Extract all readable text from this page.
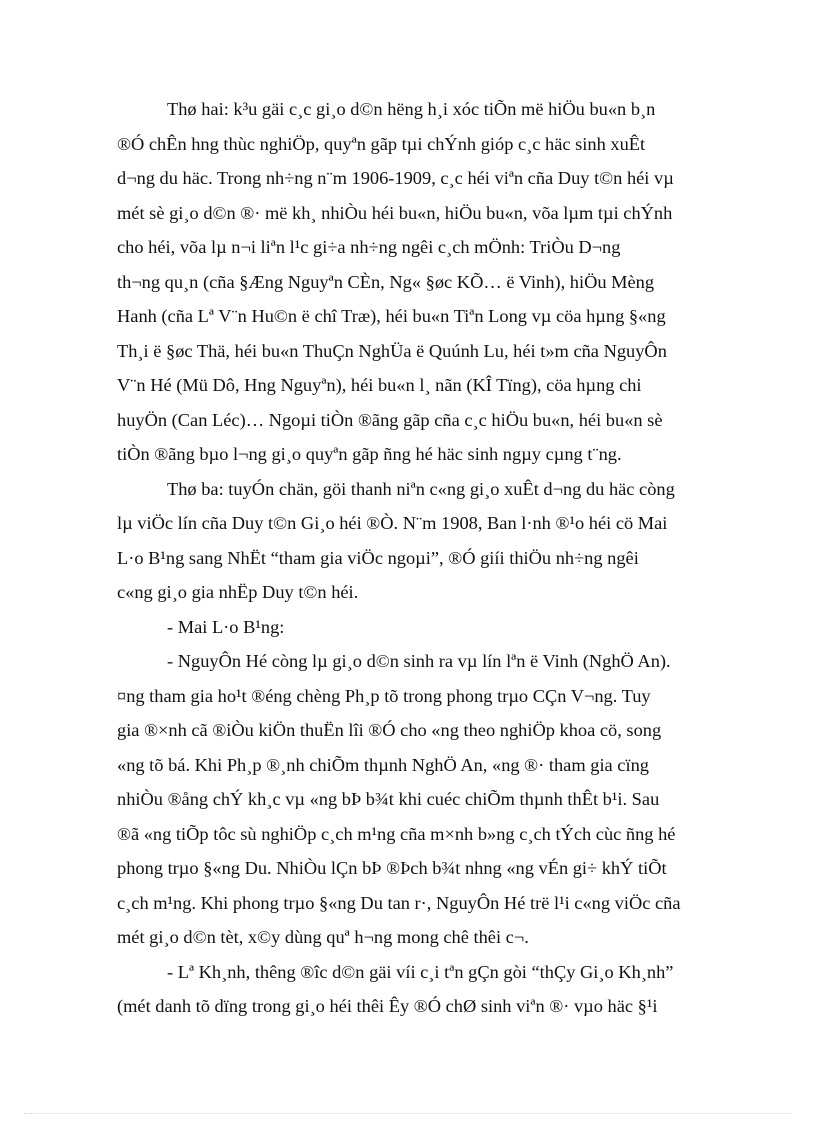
Thø hai: k³u gäi c¸c gi¸o d©n hëng h¸i xóc tiÕn më hiÖu bu«n b¸n
®Ó chÊn hng thùc nghiÖp, quyªn gãp tµi chÝnh gióp c¸c häc sinh xuÊt
d¬ng du häc. Trong nh÷ng n¨m 1906-1909, c¸c héi viªn cña Duy t©n héi vµ
mét sè gi¸o d©n ®· më kh¸ nhiÒu héi bu«n, hiÖu bu«n, võa lµm tµi chÝnh
cho héi, võa lµ n¬i liªn l¹c gi÷a nh÷ng ngêi c¸ch mÖnh: TriÒu D¬ng
th¬ng qu¸n (cña §Æng Nguyªn CÈn, Ng« §øc KÕ… ë Vinh), hiÖu Mèng
Hanh (cña Lª V¨n Hu©n ë chî Træ), héi bu«n Tiªn Long vµ cöa hµng §«ng
Th¸i ë §øc Thä, héi bu«n ThuÇn NghÜa ë Quúnh Lu, héi t»m cña NguyÔn
V¨n Hé (Mü Dô, Hng Nguyªn), héi bu«n l¸ nãn (KÎ Tïng), cöa hµng chi
huyÖn (Can Léc)… Ngoµi tiÒn ®ãng gãp cña c¸c hiÖu bu«n, héi bu«n sè
tiÒn ®ãng bµo l¬ng gi¸o quyªn gãp ñng hé häc sinh ngµy cµng t¨ng.

Thø ba: tuyÓn chän, göi thanh niªn c«ng gi¸o xuÊt d¬ng du häc còng
lµ viÖc lín cña Duy t©n Gi¸o héi ®Ò. N¨m 1908, Ban l·nh ®¹o héi cö Mai
L·o B¹ng sang NhËt “tham gia viÖc ngoµi”, ®Ó giíi thiÖu nh÷ng ngêi
c«ng gi¸o gia nhËp Duy t©n héi.

- Mai L·o B¹ng:

- NguyÔn Hé còng lµ gi¸o d©n sinh ra vµ lín lªn ë Vinh (NghÖ An).
¤ng tham gia ho¹t ®éng chèng Ph¸p tõ trong phong trµo CÇn V¬ng. Tuy
gia ®×nh cã ®iÒu kiÖn thuËn lîi ®Ó cho «ng theo nghiÖp khoa cö, song
«ng tõ bá. Khi Ph¸p ®¸nh chiÕm thµnh NghÖ An, «ng ®· tham gia cïng
nhiÒu ®ång chÝ kh¸c vµ «ng bÞ b¾t khi cuéc chiÕm thµnh thÊt b¹i. Sau
®ã «ng tiÕp tôc sù nghiÖp c¸ch m¹ng cña m×nh b»ng c¸ch tÝch cùc ñng hé
phong trµo §«ng Du. NhiÒu lÇn bÞ ®Þch b¾t nhng «ng vÉn gi÷ khÝ tiÕt
c¸ch m¹ng. Khi phong trµo §«ng Du tan r·, NguyÔn Hé trë l¹i c«ng viÖc cña
mét gi¸o d©n tèt, x©y dùng quª h¬ng mong chê thêi c¬.

- Lª Kh¸nh, thêng ®îc d©n gäi víi c¸i tªn gÇn gòi “thÇy Gi¸o Kh¸nh”
(mét danh tõ dïng trong gi¸o héi thêi Êy ®Ó chØ sinh viªn ®· vµo häc §¹i
